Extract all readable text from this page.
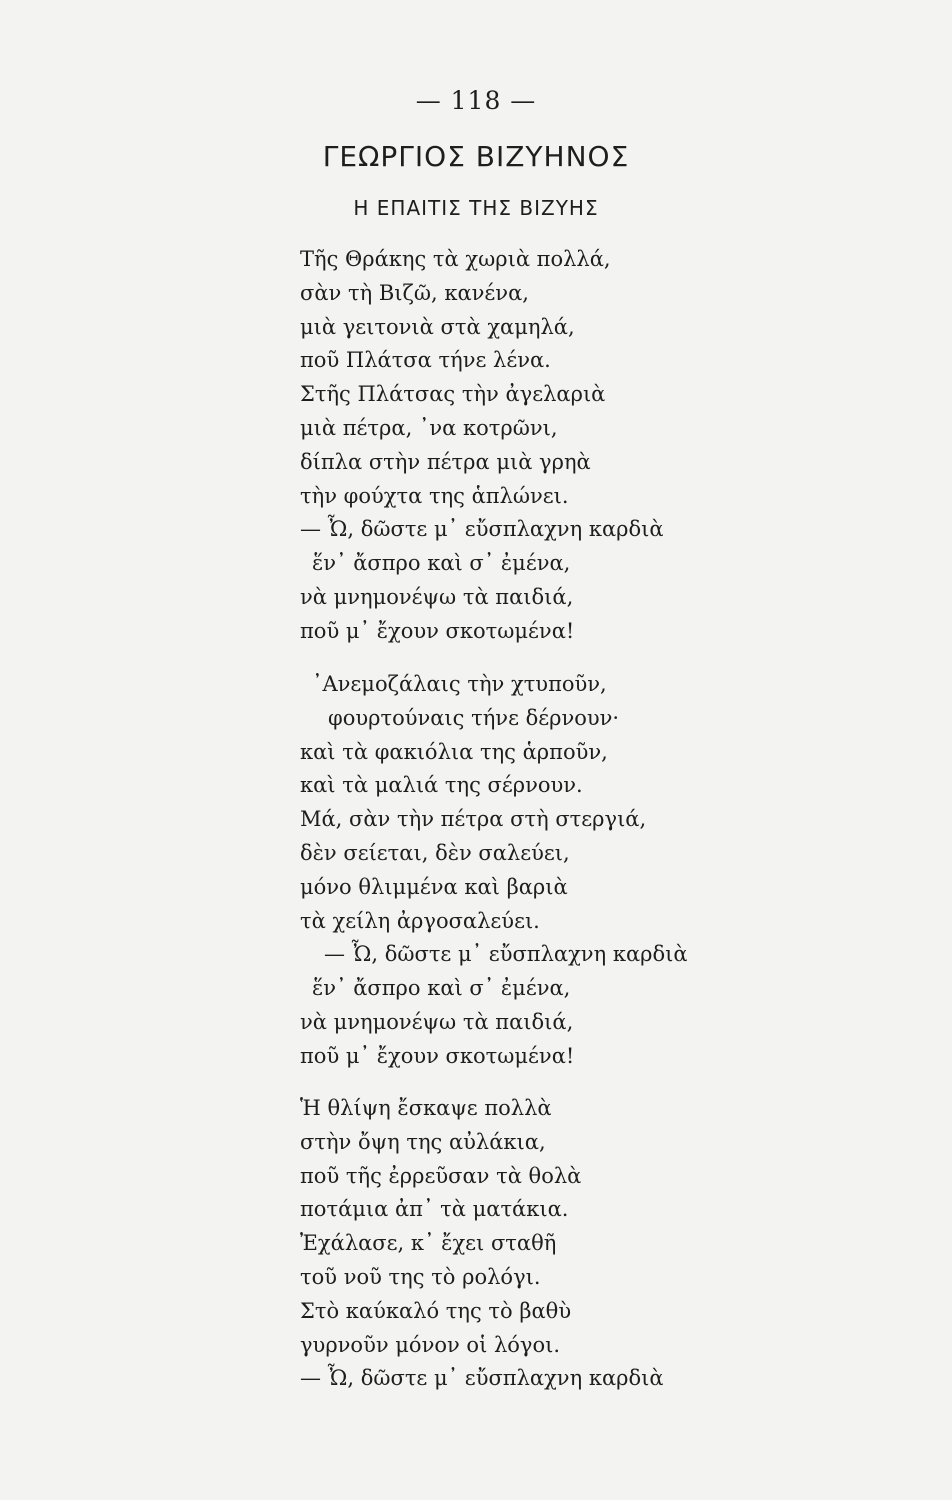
— 118 —
ΓΕΩΡΓΙΟΣ ΒΙΖΥΗΝΟΣ
Η ΕΠΑΙΤΙΣ ΤΗΣ ΒΙΖΥΗΣ
Τῆς Θράκης τὰ χωριὰ πολλά,
σὰν τὴ Βιζῶ, κανένα,
μιὰ γειτονιὰ στὰ χαμηλά,
ποῦ Πλάτσα τήνε λένα.
Στῆς Πλάτσας τὴν ἀγελαριὰ
μιὰ πέτρα, ᾽να κοτρῶνι,
δίπλα στὴν πέτρα μιὰ γρηὰ
τὴν φούχτα της ἁπλώνει.
— Ὦ, δῶστε μ᾽ εὔσπλαχνη καρδιὰ
ἕν᾽ ἄσπρο καὶ σ᾽ ἐμένα,
νὰ μνημονέψω τὰ παιδιά,
ποῦ μ᾽ ἔχουν σκοτωμένα!
᾽Ανεμοζάλαις τὴν χτυποῦν,
φουρτούναις τήνε δέρνουν·
καὶ τὰ φακιόλια της ἁρποῦν,
καὶ τὰ μαλιά της σέρνουν.
Μά, σὰν τὴν πέτρα στὴ στεργιά,
δὲν σείεται, δὲν σαλεύει,
μόνο θλιμμένα καὶ βαριὰ
τὰ χείλη ἀργοσαλεύει.
— Ὦ, δῶστε μ᾽ εὔσπλαχνη καρδιὰ
ἕν᾽ ἄσπρο καὶ σ᾽ ἐμένα,
νὰ μνημονέψω τὰ παιδιά,
ποῦ μ᾽ ἔχουν σκοτωμένα!
Ἡ θλίψη ἔσκαψε πολλὰ
στὴν ὄψη της αὐλάκια,
ποῦ τῆς ἐρρεῦσαν τὰ θολὰ
ποτάμια ἀπ᾽ τὰ ματάκια.
Ἐχάλασε, κ᾽ ἔχει σταθῆ
τοῦ νοῦ της τὸ ρολόγι.
Στὸ καύκαλό της τὸ βαθὺ
γυρνοῦν μόνον οἱ λόγοι.
— Ὦ, δῶστε μ᾽ εὔσπλαχνη καρδιὰ
